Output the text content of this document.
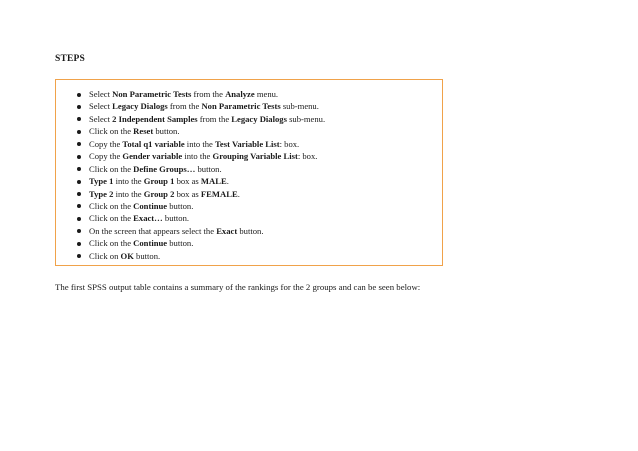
STEPS
Select Non Parametric Tests from the Analyze menu.
Select Legacy Dialogs from the Non Parametric Tests sub-menu.
Select 2 Independent Samples from the Legacy Dialogs sub-menu.
Click on the Reset button.
Copy the Total q1 variable into the Test Variable List: box.
Copy the Gender variable into the Grouping Variable List: box.
Click on the Define Groups… button.
Type 1 into the Group 1 box as MALE.
Type 2 into the Group 2 box as FEMALE.
Click on the Continue button.
Click on the Exact… button.
On the screen that appears select the Exact button.
Click on the Continue button.
Click on OK button.
The first SPSS output table contains a summary of the rankings for the 2 groups and can be seen below:
